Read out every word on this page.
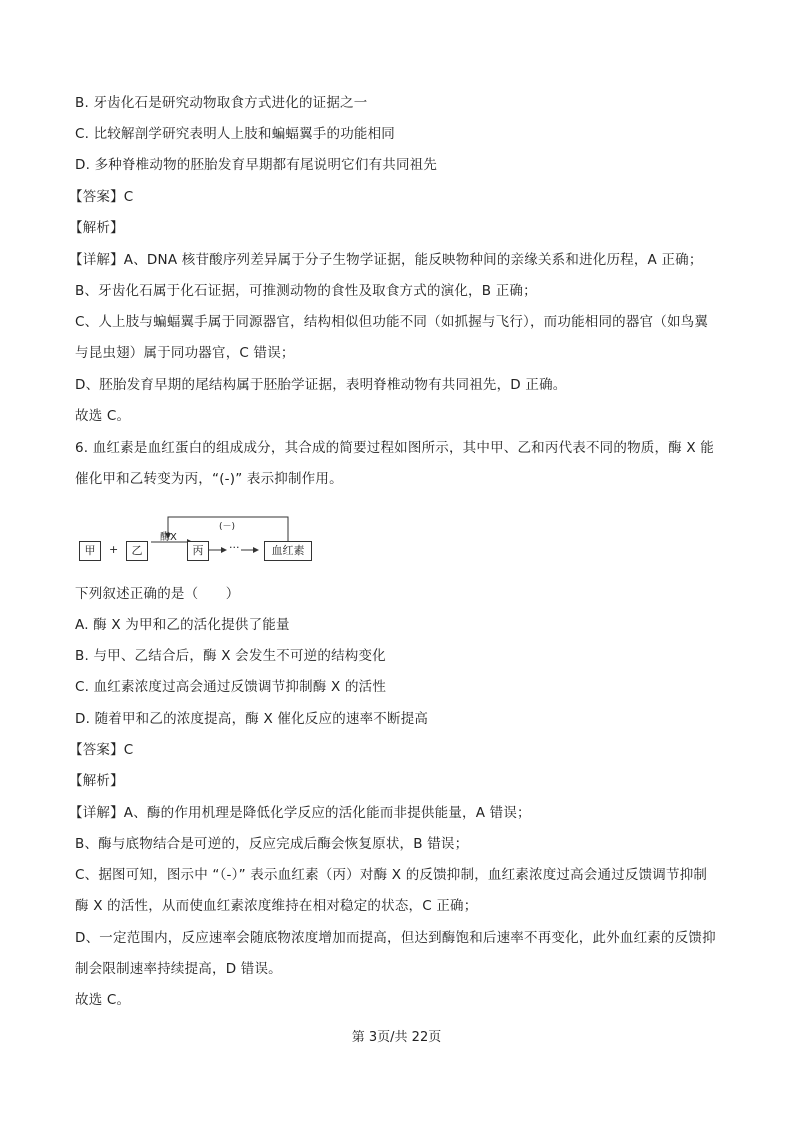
B. 牙齿化石是研究动物取食方式进化的证据之一
C. 比较解剖学研究表明人上肢和蝙蝠翼手的功能相同
D. 多种脊椎动物的胚胎发育早期都有尾说明它们有共同祖先
【答案】C
【解析】
【详解】A、DNA 核苷酸序列差异属于分子生物学证据，能反映物种间的亲缘关系和进化历程，A 正确；
B、牙齿化石属于化石证据，可推测动物的食性及取食方式的演化，B 正确；
C、人上肢与蝙蝠翼手属于同源器官，结构相似但功能不同（如抓握与飞行），而功能相同的器官（如鸟翼
与昆虫翅）属于同功器官，C 错误；
D、胚胎发育早期的尾结构属于胚胎学证据，表明脊椎动物有共同祖先，D 正确。
故选 C。
6. 血红素是血红蛋白的组成成分，其合成的简要过程如图所示，其中甲、乙和丙代表不同的物质，酶 X 能
催化甲和乙转变为丙，“(-)” 表示抑制作用。
甲	+	乙
酶X
丙	···	血红素
(－)
下列叙述正确的是（　　）
A. 酶 X 为甲和乙的活化提供了能量
B. 与甲、乙结合后，酶 X 会发生不可逆的结构变化
C. 血红素浓度过高会通过反馈调节抑制酶 X 的活性
D. 随着甲和乙的浓度提高，酶 X 催化反应的速率不断提高
【答案】C
【解析】
【详解】A、酶的作用机理是降低化学反应的活化能而非提供能量，A 错误；
B、酶与底物结合是可逆的，反应完成后酶会恢复原状，B 错误；
C、据图可知，图示中 “（-）” 表示血红素（丙）对酶 X 的反馈抑制，血红素浓度过高会通过反馈调节抑制
酶 X 的活性，从而使血红素浓度维持在相对稳定的状态，C 正确；
D、一定范围内，反应速率会随底物浓度增加而提高，但达到酶饱和后速率不再变化，此外血红素的反馈抑
制会限制速率持续提高，D 错误。
故选 C。
第 3页/共 22页
